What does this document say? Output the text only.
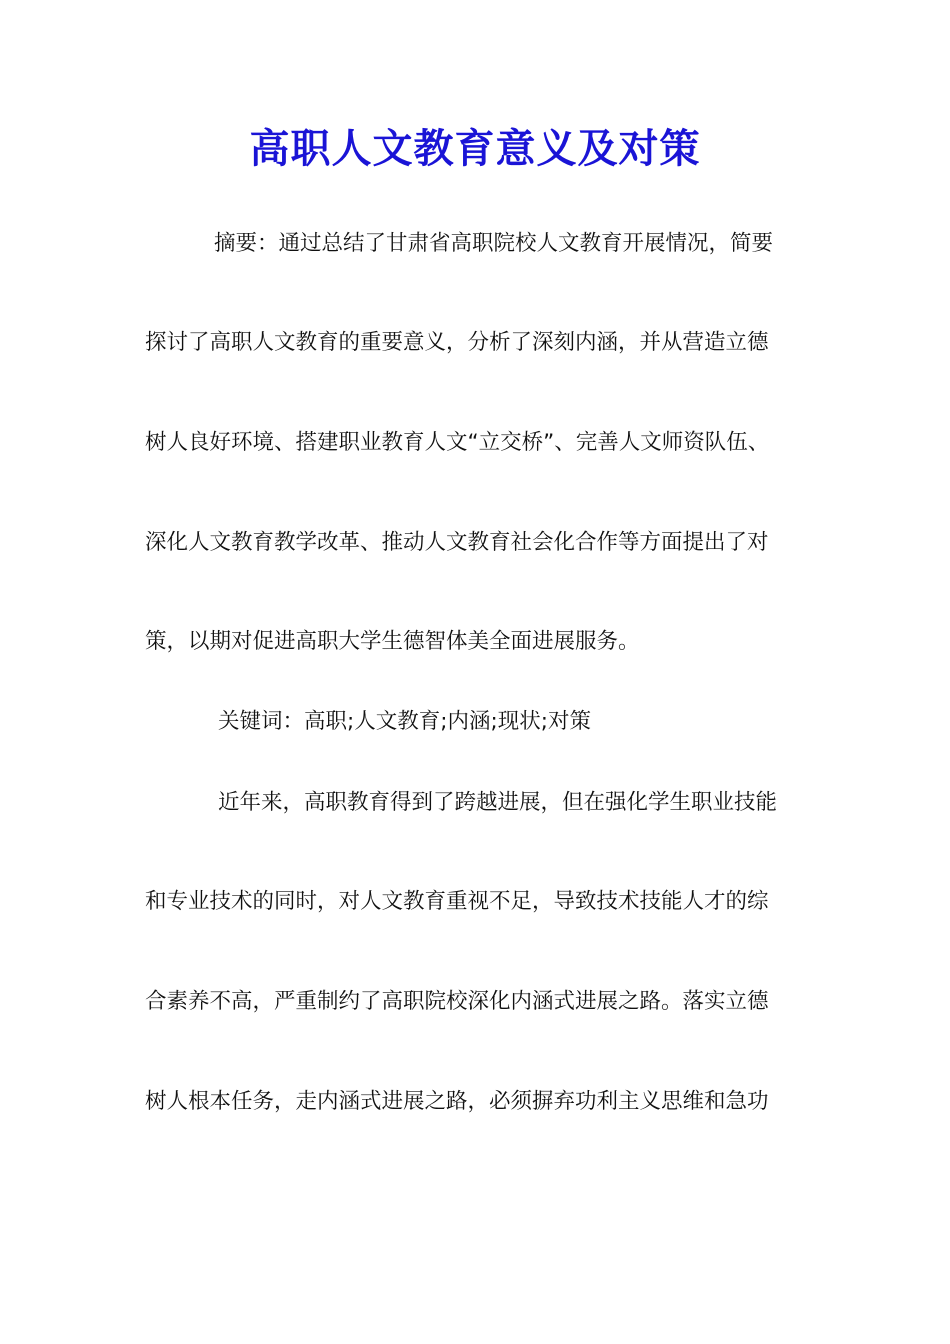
高职人文教育意义及对策
摘要：通过总结了甘肃省高职院校人文教育开展情况，简要
探讨了高职人文教育的重要意义，分析了深刻内涵，并从营造立德
树人良好环境、搭建职业教育人文“立交桥”、完善人文师资队伍、
深化人文教育教学改革、推动人文教育社会化合作等方面提出了对
策，以期对促进高职大学生德智体美全面进展服务。
关键词：高职;人文教育;内涵;现状;对策
近年来，高职教育得到了跨越进展，但在强化学生职业技能
和专业技术的同时，对人文教育重视不足，导致技术技能人才的综
合素养不高，严重制约了高职院校深化内涵式进展之路。落实立德
树人根本任务，走内涵式进展之路，必须摒弃功利主义思维和急功
